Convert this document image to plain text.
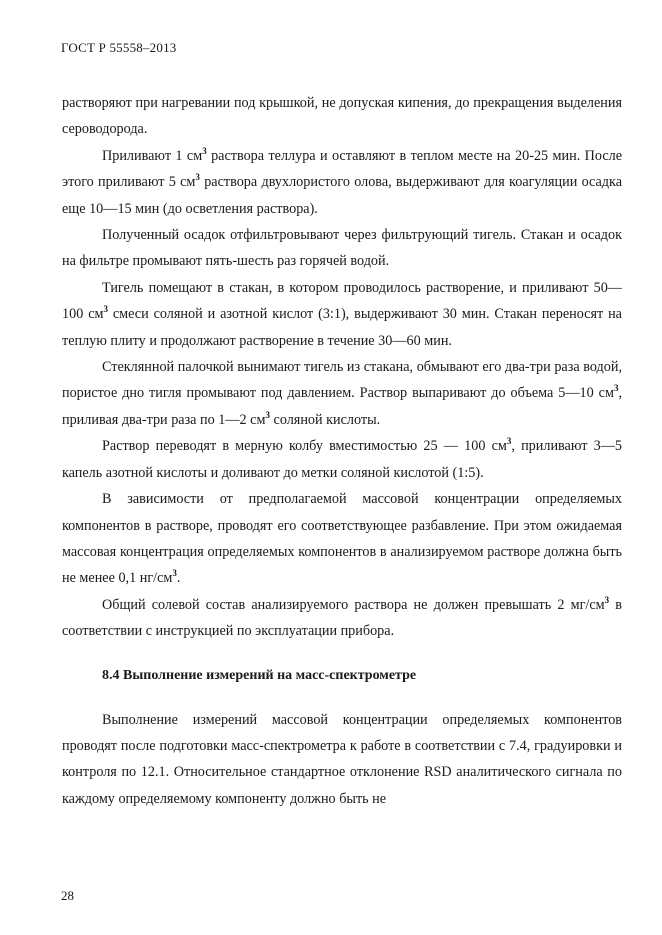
ГОСТ Р 55558–2013

растворяют при нагревании под крышкой, не допуская кипения, до прекращения выделения сероводорода.

Приливают 1 $см^3$ раствора теллура и оставляют в теплом месте на 20-25 мин. После этого приливают 5 $см^3$ раствора двухлористого олова, выдерживают для коагуляции осадка еще 10—15 мин (до осветления раствора).

Полученный осадок отфильтровывают через фильтрующий тигель. Стакан и осадок на фильтре промывают пять-шесть раз горячей водой.

Тигель помещают в стакан, в котором проводилось растворение, и приливают 50—100 $см^3$ смеси соляной и азотной кислот (3:1), выдерживают 30 мин. Стакан переносят на теплую плиту и продолжают растворение в течение 30—60 мин.

Стеклянной палочкой вынимают тигель из стакана, обмывают его два-три раза водой, пористое дно тигля промывают под давлением. Раствор выпаривают до объема 5—10 $см^3$, приливая два-три раза по 1—2 $см^3$ соляной кислоты.

Раствор переводят в мерную колбу вместимостью 25 — 100 $см^3$, приливают 3—5 капель азотной кислоты и доливают до метки соляной кислотой (1:5).

В зависимости от предполагаемой массовой концентрации определяемых компонентов в растворе, проводят его соответствующее разбавление. При этом ожидаемая массовая концентрация определяемых компонентов в анализируемом растворе должна быть не менее 0,1 $нг/см^3$.

Общий солевой состав анализируемого раствора не должен превышать 2 $мг/см^3$ в соответствии с инструкцией по эксплуатации прибора.

8.4 Выполнение измерений на масс-спектрометре

Выполнение измерений массовой концентрации определяемых компонентов проводят после подготовки масс-спектрометра к работе в соответствии с 7.4, градуировки и контроля по 12.1. Относительное стандартное отклонение RSD аналитического сигнала по каждому определяемому компоненту должно быть не

28
